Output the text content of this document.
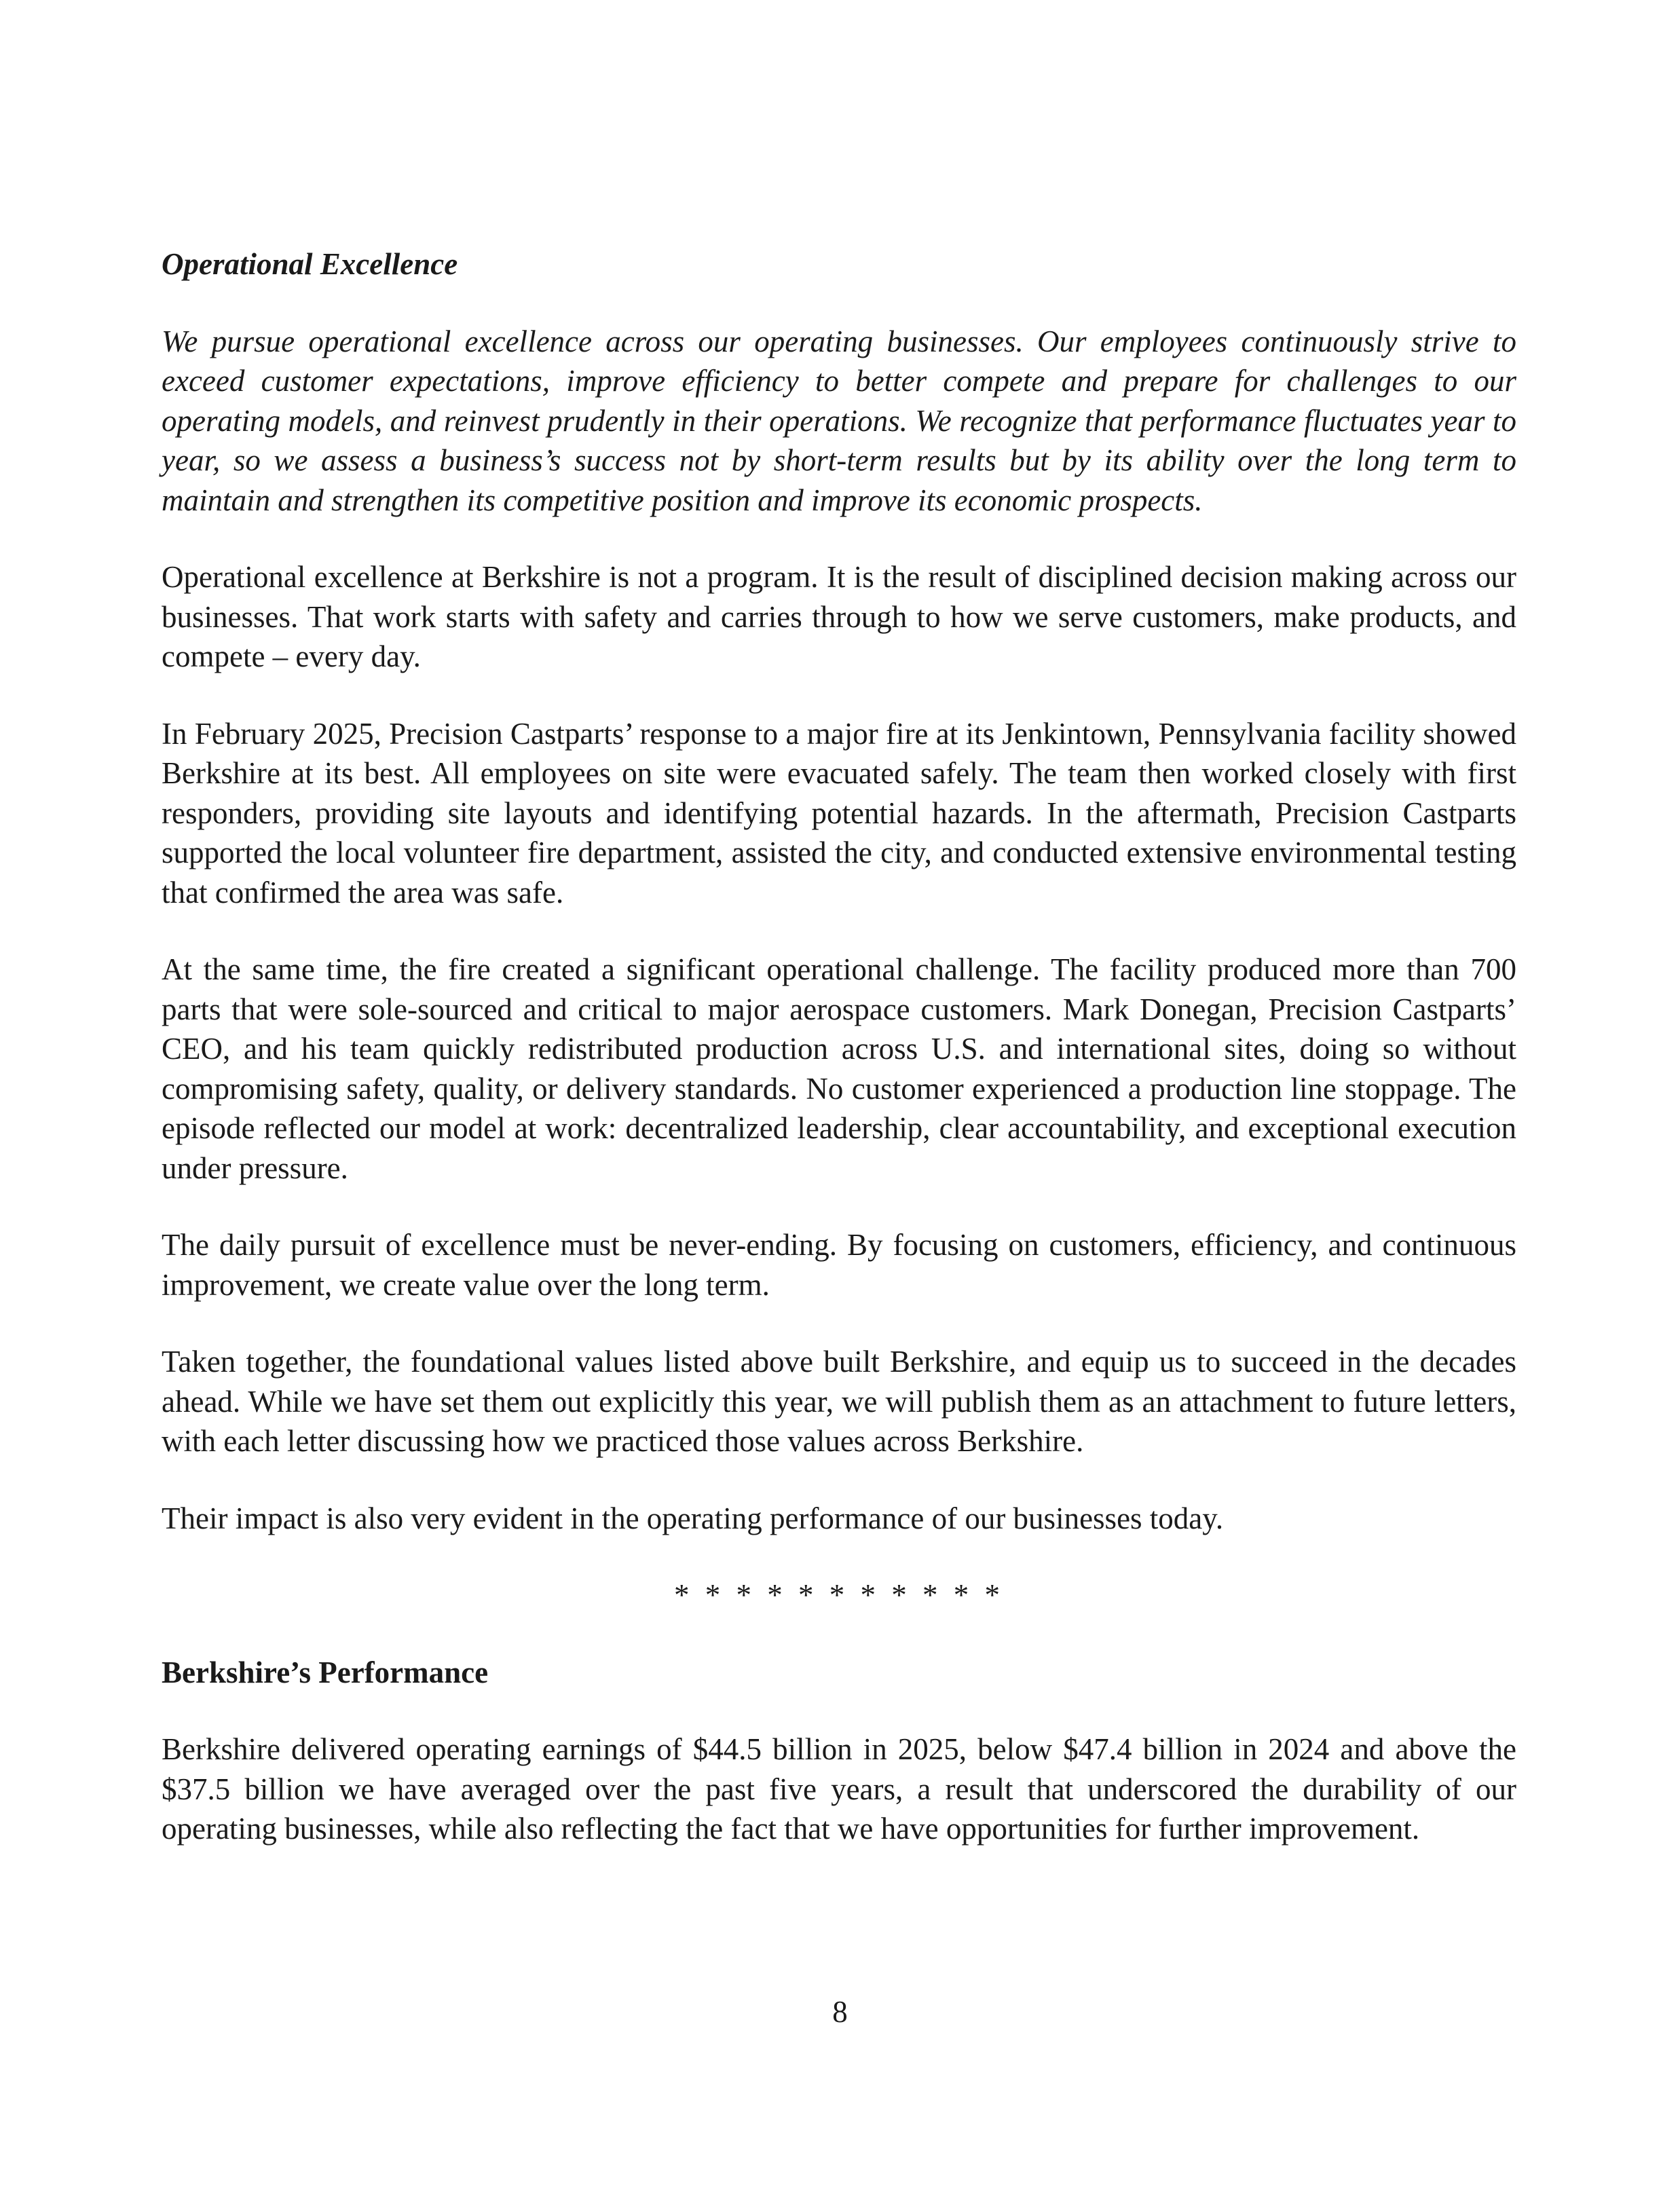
Operational Excellence

We pursue operational excellence across our operating businesses. Our employees continuously strive to exceed customer expectations, improve efficiency to better compete and prepare for challenges to our operating models, and reinvest prudently in their operations. We recognize that performance fluctuates year to year, so we assess a business’s success not by short-term results but by its ability over the long term to maintain and strengthen its competitive position and improve its economic prospects.

Operational excellence at Berkshire is not a program. It is the result of disciplined decision making across our businesses. That work starts with safety and carries through to how we serve customers, make products, and compete – every day.

In February 2025, Precision Castparts’ response to a major fire at its Jenkintown, Pennsylvania facility showed Berkshire at its best. All employees on site were evacuated safely. The team then worked closely with first responders, providing site layouts and identifying potential hazards. In the aftermath, Precision Castparts supported the local volunteer fire department, assisted the city, and conducted extensive environmental testing that confirmed the area was safe.

At the same time, the fire created a significant operational challenge. The facility produced more than 700 parts that were sole-sourced and critical to major aerospace customers. Mark Donegan, Precision Castparts’ CEO, and his team quickly redistributed production across U.S. and international sites, doing so without compromising safety, quality, or delivery standards. No customer experienced a production line stoppage. The episode reflected our model at work: decentralized leadership, clear accountability, and exceptional execution under pressure.

The daily pursuit of excellence must be never-ending. By focusing on customers, efficiency, and continuous improvement, we create value over the long term.

Taken together, the foundational values listed above built Berkshire, and equip us to succeed in the decades ahead. While we have set them out explicitly this year, we will publish them as an attachment to future letters, with each letter discussing how we practiced those values across Berkshire.

Their impact is also very evident in the operating performance of our businesses today.

* * * * * * * * * * *

Berkshire’s Performance

Berkshire delivered operating earnings of $44.5 billion in 2025, below $47.4 billion in 2024 and above the $37.5 billion we have averaged over the past five years, a result that underscored the durability of our operating businesses, while also reflecting the fact that we have opportunities for further improvement.

8
